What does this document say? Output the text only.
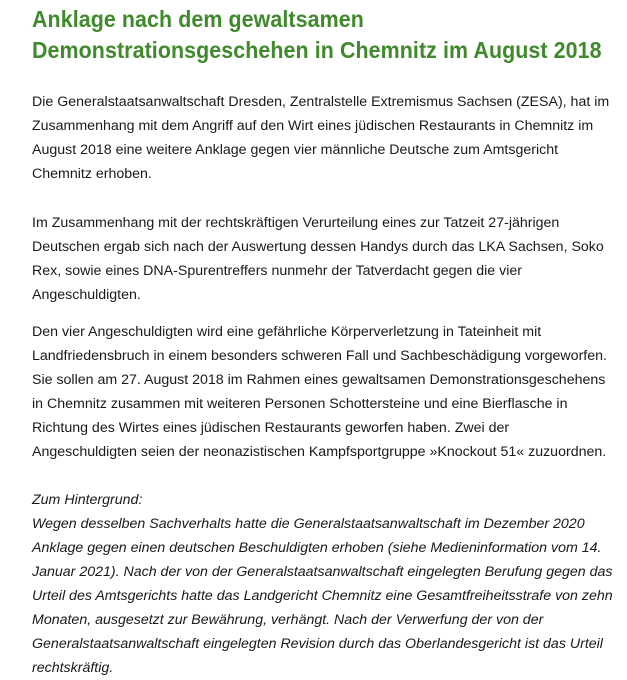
Anklage nach dem gewaltsamen
Demonstrationsgeschehen in Chemnitz im August 2018

Die Generalstaatsanwaltschaft Dresden, Zentralstelle Extremismus Sachsen (ZESA), hat im Zusammenhang mit dem Angriff auf den Wirt eines jüdischen Restaurants in Chemnitz im August 2018 eine weitere Anklage gegen vier männliche Deutsche zum Amtsgericht Chemnitz erhoben.

Im Zusammenhang mit der rechtskräftigen Verurteilung eines zur Tatzeit 27-jährigen Deutschen ergab sich nach der Auswertung dessen Handys durch das LKA Sachsen, Soko Rex, sowie eines DNA-Spurentreffers nunmehr der Tatverdacht gegen die vier Angeschuldigten.

Den vier Angeschuldigten wird eine gefährliche Körperverletzung in Tateinheit mit Landfriedensbruch in einem besonders schweren Fall und Sachbeschädigung vorgeworfen. Sie sollen am 27. August 2018 im Rahmen eines gewaltsamen Demonstrationsgeschehens in Chemnitz zusammen mit weiteren Personen Schottersteine und eine Bierflasche in Richtung des Wirtes eines jüdischen Restaurants geworfen haben. Zwei der Angeschuldigten seien der neonazistischen Kampfsportgruppe »Knockout 51« zuzuordnen.

Zum Hintergrund:
Wegen desselben Sachverhalts hatte die Generalstaatsanwaltschaft im Dezember 2020 Anklage gegen einen deutschen Beschuldigten erhoben (siehe Medieninformation vom 14. Januar 2021). Nach der von der Generalstaatsanwaltschaft eingelegten Berufung gegen das Urteil des Amtsgerichts hatte das Landgericht Chemnitz eine Gesamtfreiheitsstrafe von zehn Monaten, ausgesetzt zur Bewährung, verhängt. Nach der Verwerfung der von der Generalstaatsanwaltschaft eingelegten Revision durch das Oberlandesgericht ist das Urteil rechtskräftig.
